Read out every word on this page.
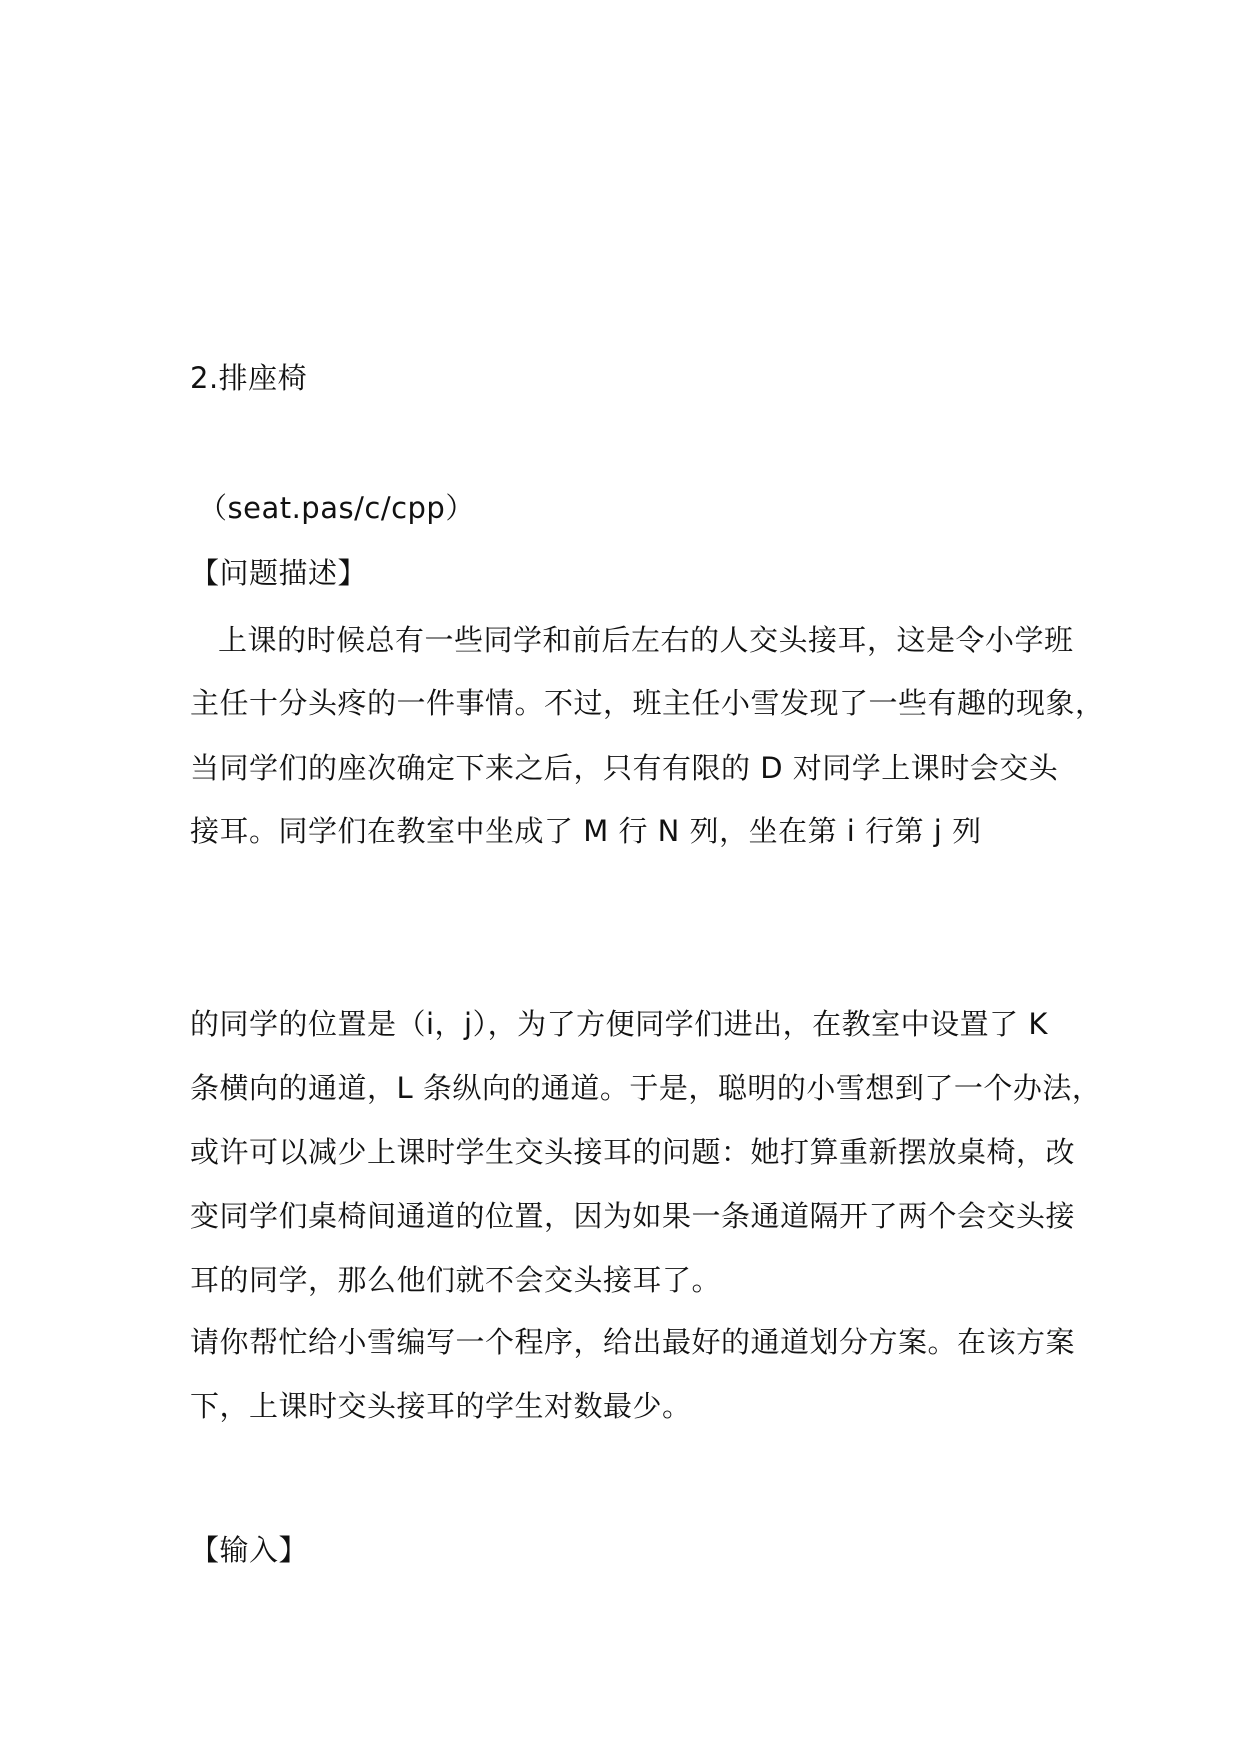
2.排座椅
（seat.pas/c/cpp）
【问题描述】
上课的时候总有一些同学和前后左右的人交头接耳，这是令小学班
主任十分头疼的一件事情。不过，班主任小雪发现了一些有趣的现象，
当同学们的座次确定下来之后，只有有限的 D 对同学上课时会交头
接耳。同学们在教室中坐成了 M 行 N 列，坐在第 i 行第 j 列
的同学的位置是（i，j），为了方便同学们进出，在教室中设置了 K
条横向的通道，L 条纵向的通道。于是，聪明的小雪想到了一个办法，
或许可以减少上课时学生交头接耳的问题：她打算重新摆放桌椅，改
变同学们桌椅间通道的位置，因为如果一条通道隔开了两个会交头接
耳的同学，那么他们就不会交头接耳了。
请你帮忙给小雪编写一个程序，给出最好的通道划分方案。在该方案
下，上课时交头接耳的学生对数最少。
【输入】
